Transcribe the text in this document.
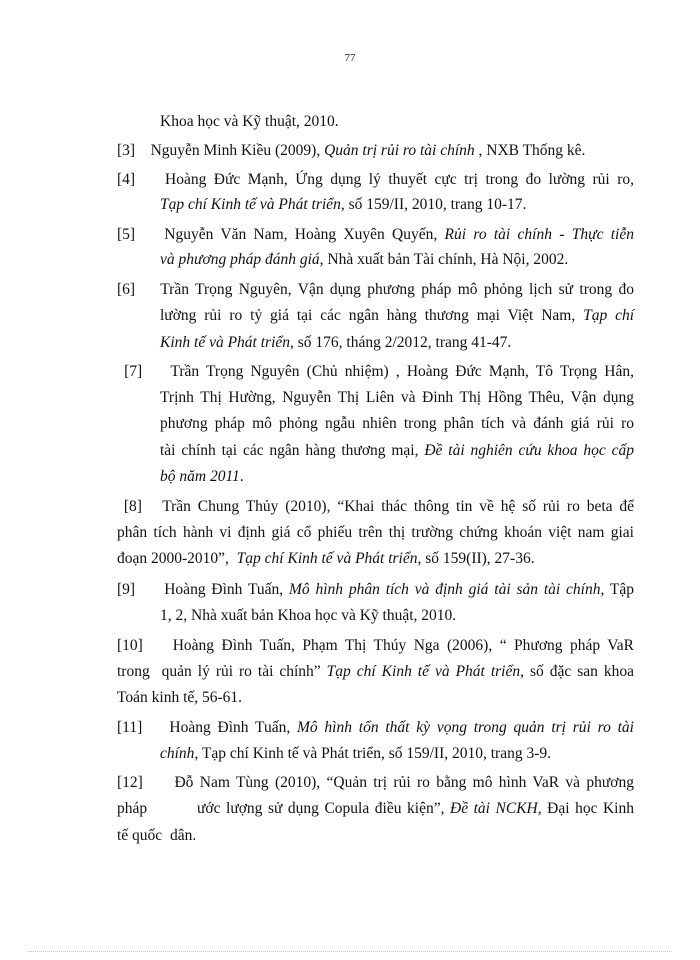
77
Khoa học và Kỹ thuật, 2010.
[3]    Nguyễn Minh Kiều (2009), Quản trị rủi ro tài chính , NXB Thống kê.
[4]    Hoàng Đức Mạnh, Ứng dụng lý thuyết cực trị trong đo lường rủi ro,
Tạp chí Kinh tế và Phát triển, số 159/II, 2010, trang 10-17.
[5]    Nguyễn Văn Nam, Hoàng Xuyên Quyến, Rủi ro tài chính - Thực tiễn
và phương pháp đánh giá, Nhà xuất bản Tài chính, Hà Nội, 2002.
[6]    Trần Trọng Nguyên, Vận dụng phương pháp mô phỏng lịch sử trong đo
lường rủi ro tỷ giá tại các ngân hàng thương mại Việt Nam, Tạp chí
Kinh tế và Phát triển, số 176, tháng 2/2012, trang 41-47.
[7]    Trần Trọng Nguyên (Chủ nhiệm) , Hoàng Đức Mạnh, Tô Trọng Hân,
Trịnh Thị Hường, Nguyễn Thị Liên và Đinh Thị Hồng Thêu, Vận dụng
phương pháp mô phỏng ngẫu nhiên trong phân tích và đánh giá rủi ro
tài chính tại các ngân hàng thương mại, Đề tài nghiên cứu khoa học cấp
bộ năm 2011.
[8]   Trần Chung Thủy (2010), “Khai thác thông tin về hệ số rủi ro beta để
phân tích hành vi định giá cổ phiếu trên thị trường chứng khoán việt nam giai
đoạn 2000-2010”,  Tạp chí Kinh tế và Phát triển, số 159(II), 27-36.
[9]     Hoàng Đình Tuấn, Mô hình phân tích và định giá tài sản tài chính, Tập
1, 2, Nhà xuất bản Khoa học và Kỹ thuật, 2010.
[10]    Hoàng Đình Tuấn, Phạm Thị Thúy Nga (2006), “ Phương pháp VaR
trong  quản lý rủi ro tài chính” Tạp chí Kinh tế và Phát triển, số đặc san khoa
Toán kinh tế, 56-61.
[11]    Hoàng Đình Tuấn, Mô hình tổn thất kỳ vọng trong quản trị rủi ro tài
chính, Tạp chí Kinh tế và Phát triển, số 159/II, 2010, trang 3-9.
[12]     Đỗ Nam Tùng (2010), “Quản trị rủi ro bằng mô hình VaR và phương
pháp         ước lượng sử dụng Copula điều kiện”, Đề tài NCKH, Đại học Kinh
tế quốc  dân.
